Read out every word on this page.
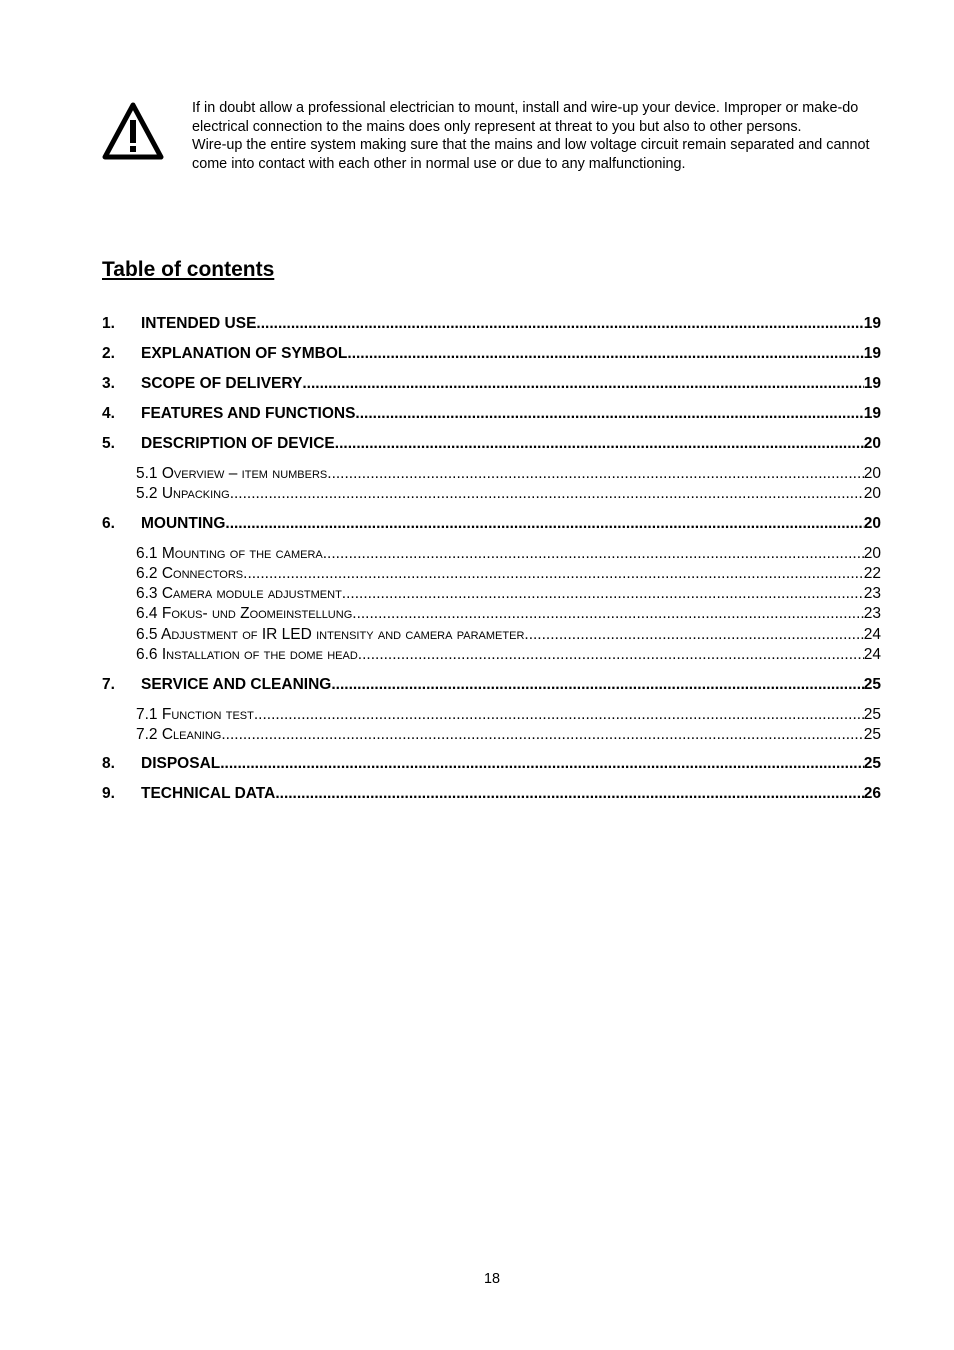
If in doubt allow a professional electrician to mount, install and wire-up your device. Improper or make-do electrical connection to the mains does only represent at threat to you but also to other persons.

Wire-up the entire system making sure that the mains and low voltage circuit remain separated and cannot come into contact with each other in normal use or due to any malfunctioning.

Table of contents
1.	INTENDED USE .....	19
2.	EXPLANATION OF SYMBOL .....	19
3.	SCOPE OF DELIVERY .....	19
4.	FEATURES AND FUNCTIONS .....	19
5.	DESCRIPTION OF DEVICE .....	20
5.1 Overview – item numbers .....	20
5.2 Unpacking .....	20
6.	MOUNTING .....	20
6.1 Mounting of the camera .....	20
6.2 Connectors .....	22
6.3 Camera module adjustment .....	23
6.4 Fokus- und Zoomeinstellung .....	23
6.5 Adjustment of IR LED intensity and camera parameter .....	24
6.6 Installation of the dome head .....	24
7.	SERVICE AND CLEANING .....	25
7.1 Function test .....	25
7.2 Cleaning .....	25
8.	DISPOSAL .....	25
9.	TECHNICAL DATA .....	26
18
